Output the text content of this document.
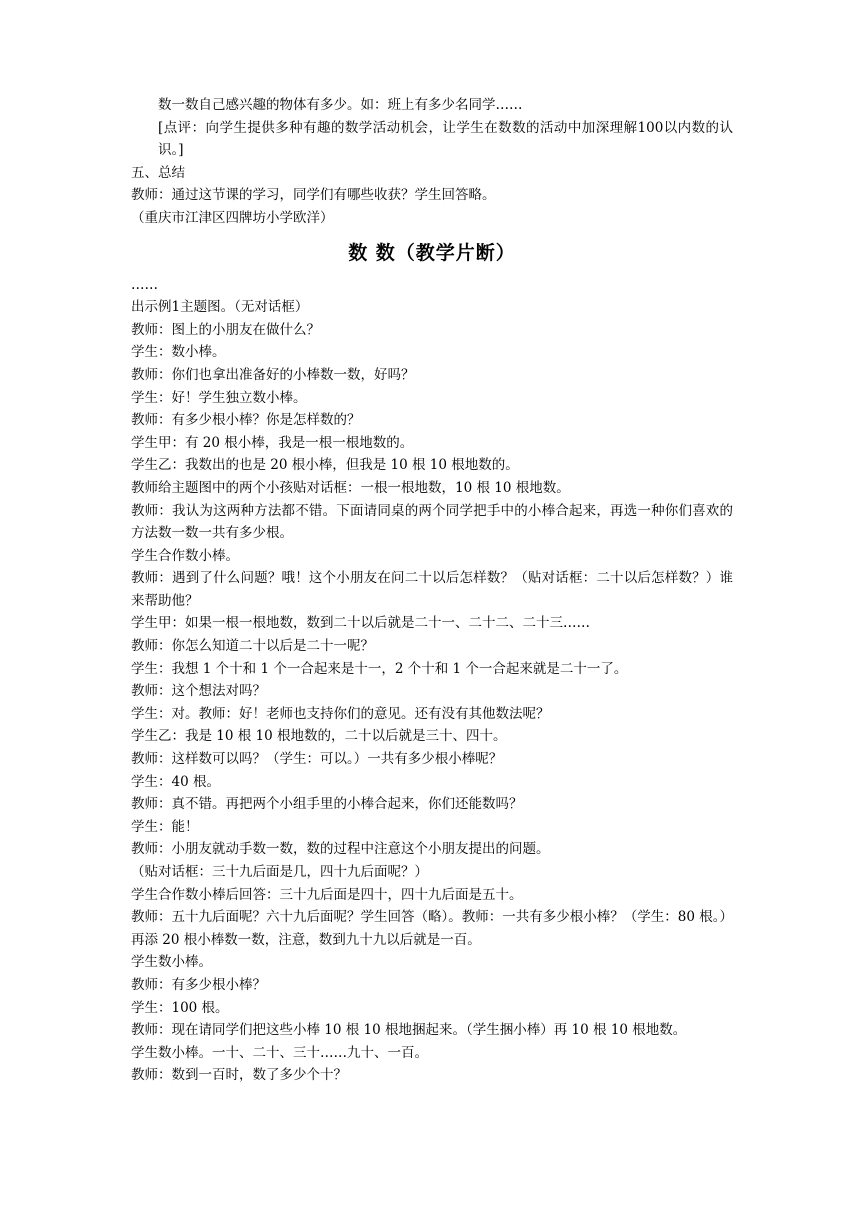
数一数自己感兴趣的物体有多少。如：班上有多少名同学……

[点评：向学生提供多种有趣的数学活动机会，让学生在数数的活动中加深理解100以内数的认识。]

五、总结

教师：通过这节课的学习，同学们有哪些收获？学生回答略。

（重庆市江津区四牌坊小学欧洋）

数 数（教学片断）

……

出示例1主题图。（无对话框）

教师：图上的小朋友在做什么？

学生：数小棒。

教师：你们也拿出准备好的小棒数一数，好吗？

学生：好！学生独立数小棒。

教师：有多少根小棒？你是怎样数的？

学生甲：有 20 根小棒，我是一根一根地数的。

学生乙：我数出的也是 20 根小棒，但我是 10 根 10 根地数的。

教师给主题图中的两个小孩贴对话框：一根一根地数，10 根 10 根地数。

教师：我认为这两种方法都不错。下面请同桌的两个同学把手中的小棒合起来，再选一种你们喜欢的方法数一数一共有多少根。

学生合作数小棒。

教师：遇到了什么问题？哦！这个小朋友在问二十以后怎样数？（贴对话框：二十以后怎样数？）谁来帮助他？

学生甲：如果一根一根地数，数到二十以后就是二十一、二十二、二十三……

教师：你怎么知道二十以后是二十一呢？

学生：我想 1 个十和 1 个一合起来是十一，2 个十和 1 个一合起来就是二十一了。

教师：这个想法对吗？

学生：对。教师：好！老师也支持你们的意见。还有没有其他数法呢？

学生乙：我是 10 根 10 根地数的，二十以后就是三十、四十。

教师：这样数可以吗？（学生：可以。）一共有多少根小棒呢？

学生：40 根。

教师：真不错。再把两个小组手里的小棒合起来，你们还能数吗？

学生：能！

教师：小朋友就动手数一数，数的过程中注意这个小朋友提出的问题。

（贴对话框：三十九后面是几，四十九后面呢？）

学生合作数小棒后回答：三十九后面是四十，四十九后面是五十。

教师：五十九后面呢？六十九后面呢？学生回答（略）。教师：一共有多少根小棒？（学生：80 根。）再添 20 根小棒数一数，注意，数到九十九以后就是一百。

学生数小棒。

教师：有多少根小棒？

学生：100 根。

教师：现在请同学们把这些小棒 10 根 10 根地捆起来。（学生捆小棒）再 10 根 10 根地数。

学生数小棒。一十、二十、三十……九十、一百。

教师：数到一百时，数了多少个十？
